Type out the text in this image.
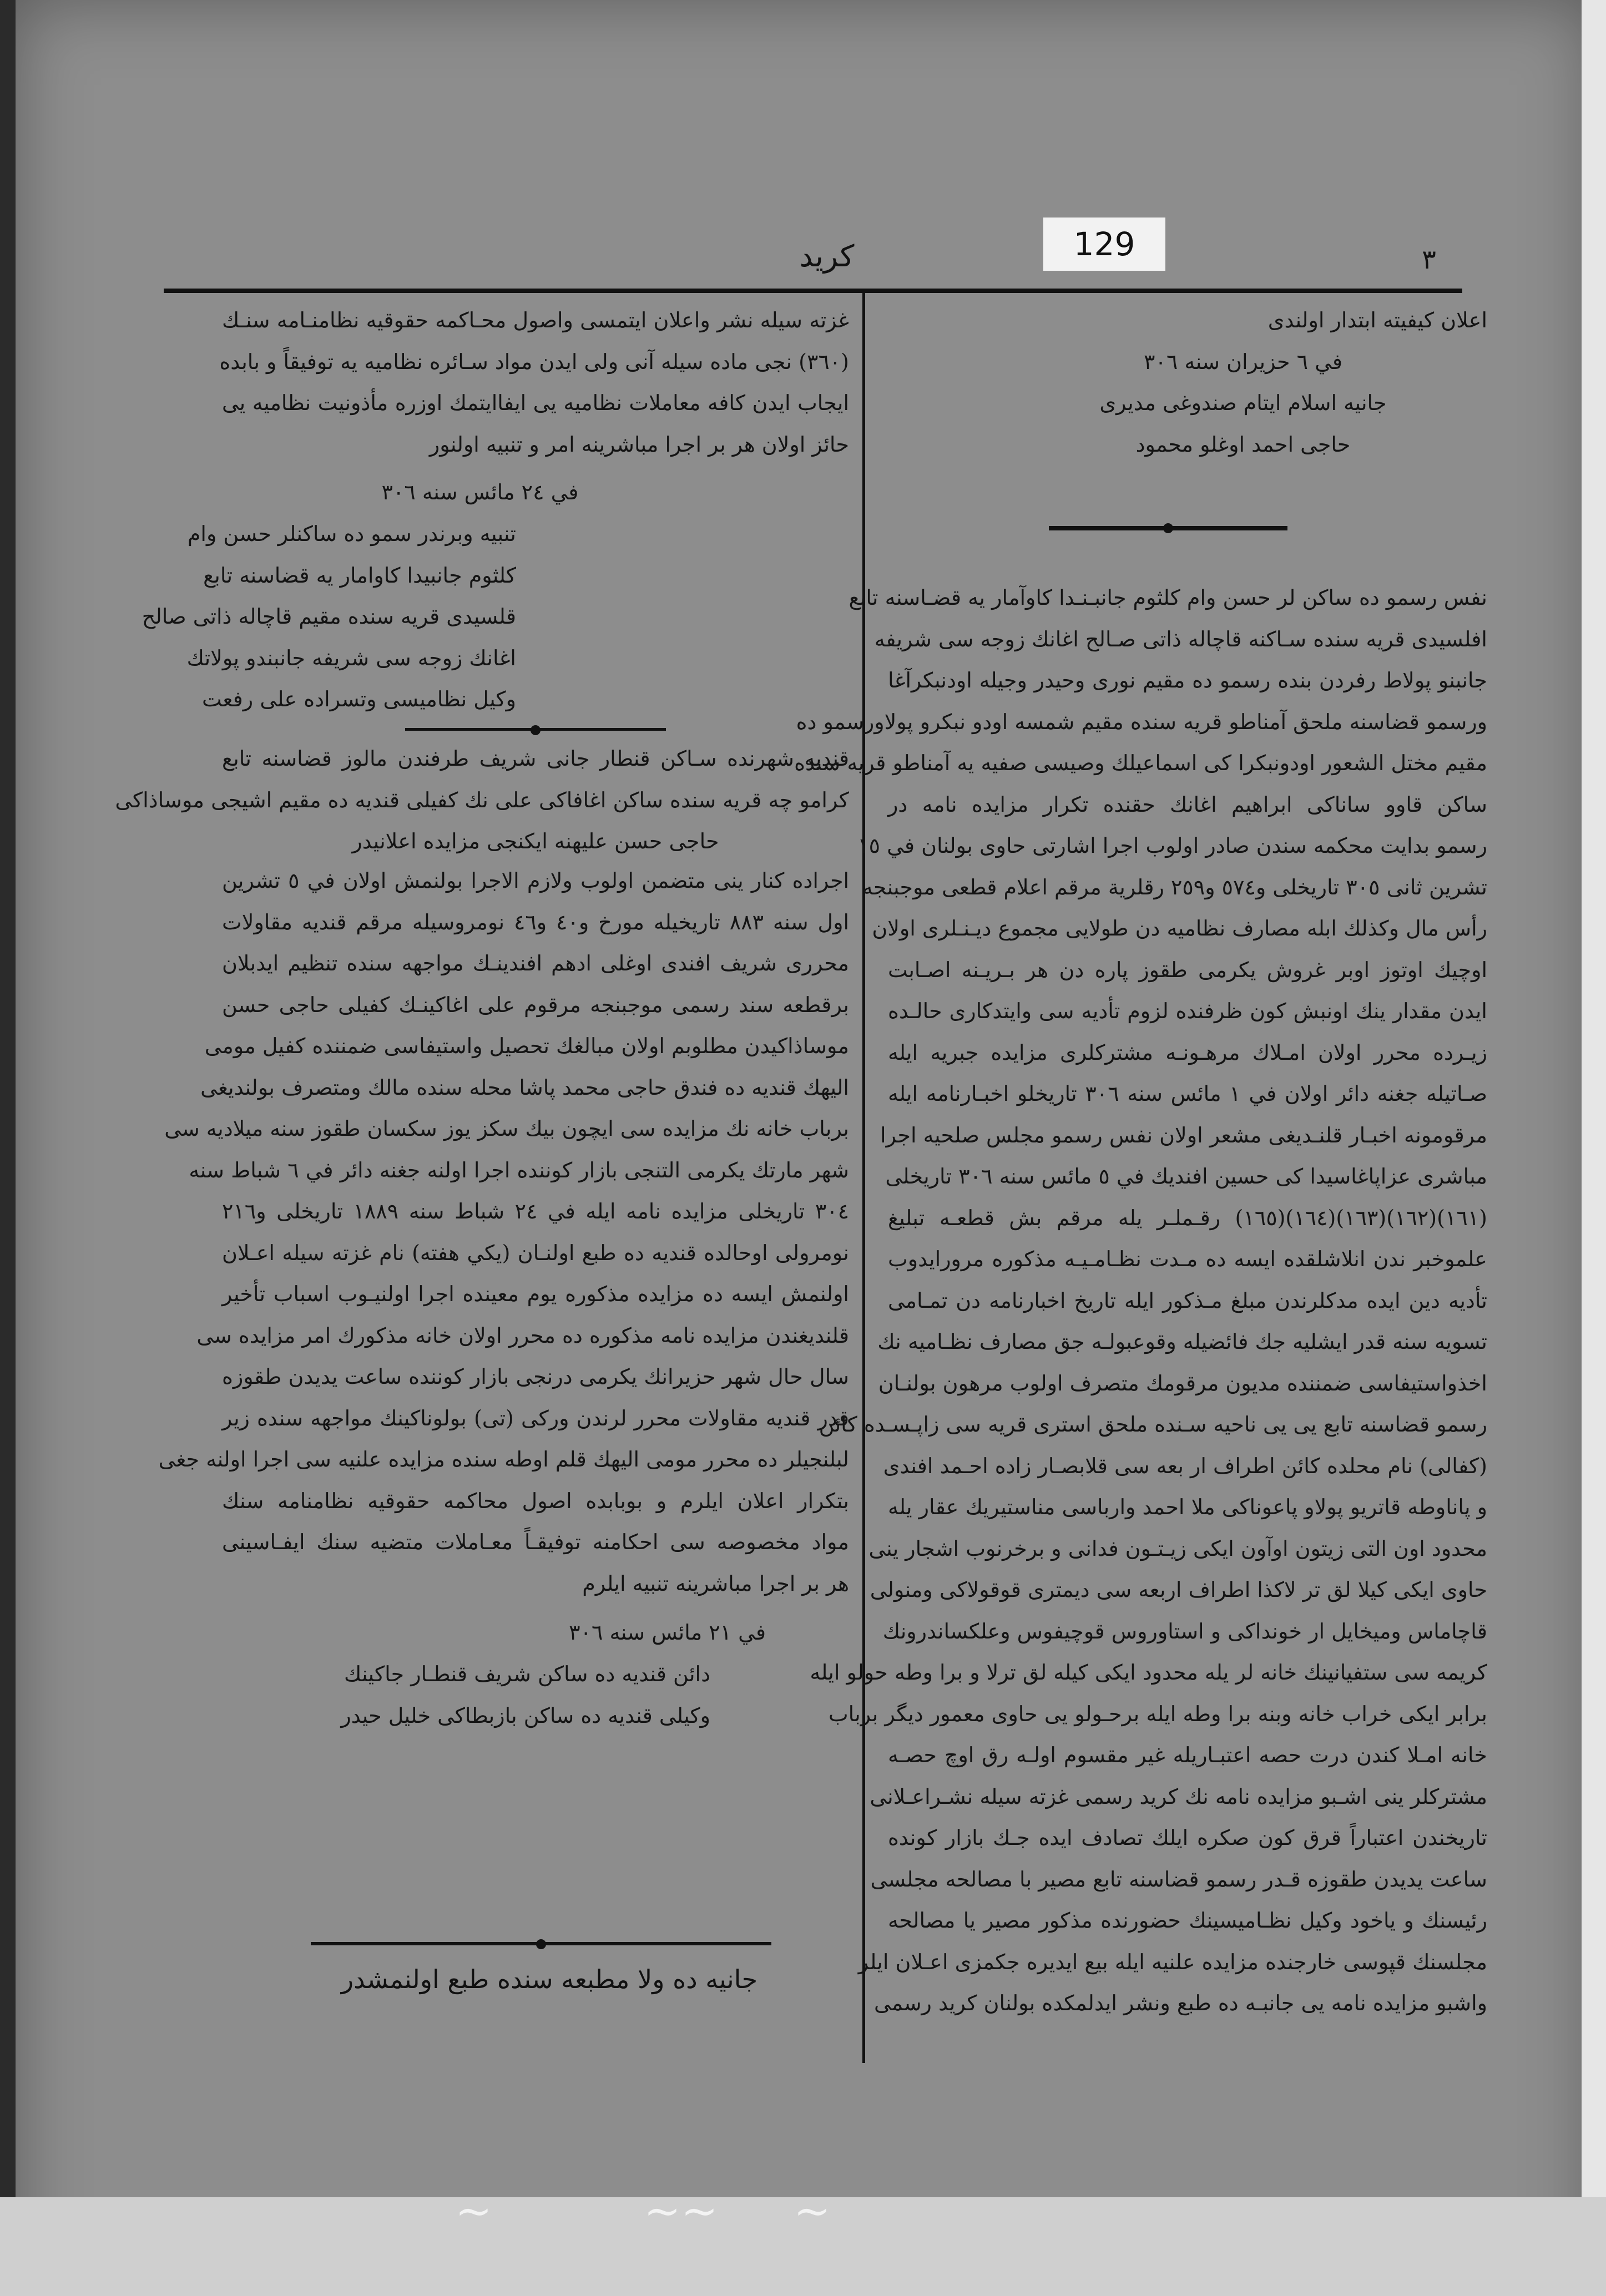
كريد	129	٣
اعلان كيفيته ابتدار اولندی
في ٦ حزيران سنه ٣٠٦
جانيه اسلام ايتام صندوغی مديری
حاجی احمد اوغلو محمود
نفس رسمو ده ساكن لر حسن وام كلثوم جانبـنـدا كاوآمار يه قضـاسنه تابع
افلسيدی قريه سنده سـاكنه قاچاله ذاتی صـالح اغانك زوجه سی شريفه
جانبنو پولاط رفردن بنده رسمو ده مقيم نوری وحيدر وجيله اودنبكرآغا
ورسمو قضاسنه ملحق آمناطو قريه سنده مقيم شمسه اودو نبكرو پولاورسمو ده
مقيم مختل الشعور اودونبكرا كی اسماعيلك وصيسی صفيه يه آمناطو قريه سنده
ساكن قاوو ساناكی ابراهيم اغانك حقنده تكرار مزايده نامه در
رسمو بدايت محكمه سندن صادر اولوب اجرا اشارتی حاوی بولنان في ١٥
تشرين ثانی ٣٠٥ تاريخلی و٥٧٤ و٢٥٩ رقلرية مرقم اعلام قطعی موجبنجه
رأس مال وكذلك ابله مصارف نظاميه دن طولايی مجموع ديـنـلری اولان
اوچيك اوتوز اوبر غروش يكرمی طقوز پاره دن هر بـريـنه اصـابت
ايدن مقدار ينك اونبش كون ظرفنده لزوم تأديه سی وايتدكاری حالـده
زيـرده محرر اولان امـلاك مرهـونـه مشتركلری مزايده جبريه ايله
صـاتيله جغنه دائر اولان في ١ مائس سنه ٣٠٦ تاريخلو اخبـارنامه ايله
مرقومونه اخبـار قلنـديغی مشعر اولان نفس رسمو مجلس صلحيه اجرا
مباشری عزاپاغاسيدا كی حسين افنديك في ٥ مائس سنه ٣٠٦ تاريخلی
(١٦١)(١٦٢)(١٦٣)(١٦٤)(١٦٥) رقـملـر يله مرقم بش قطعـه تبليغ
علموخبر ندن انلاشلقده ايسه ده مـدت نظـامـيـه مذكوره مرورايدوب
تأديه دين ايده مدكلرندن مبلغ مـذكور ايله تاريخ اخبارنامه دن تمـامی
تسويه سنه قدر ايشليه جك فائضيله وقوعبولـه جق مصارف نظـاميه نك
اخذواستيفاسی ضمننده مديون مرقومك متصرف اولوب مرهون بولنـان
رسمو قضاسنه تابع يی يی ناحيه سـنده ملحق استری قريه سی زاپـسـده كائن
(كفالی) نام محلده كائن اطراف ار بعه سی قلابصـار زاده احـمد افندی
و پاناوطه قاتريو پولاو پاعوناكی ملا احمد وارباسی مناستيريك عقار يله
محدود اون التی زيتون اوآون ايكی زيـتـون فدانی و برخرنوب اشجار ينی
حاوی ايكی كيلا لق تر لاكذا اطراف اربعه سی ديمتری قوقولاكی ومنولی
قاچاماس وميخايل ار خونداكی و استاوروس قوچيفوس وعلكساندرونك
كريمه سی ستفيانينك خانه لر يله محدود ايكی كيله لق ترلا و برا وطه حولو ايله
برابر ايكی خراب خانه وبنه برا وطه ايله برحـولو يی حاوی معمور ديگر برباب
خانه امـلا كندن درت حصه اعتبـاريله غير مقسوم اولـه رق اوچ حصـه
مشتركلر ينی اشـبو مزايده نامه نك كريد رسمی غزته سيله نشـراعـلانی
تاريخندن اعتباراً قرق كون صكره ايلك تصادف ايده جـك بازار كونده
ساعت يدیدن طقوزه قـدر رسمو قضاسنه تابع مصير با مصالحه مجلسی
رئيسنك و ياخود وكيل نظـاميسينك حضورنده مذكور مصير يا مصالحه
مجلسنك قپوسی خارجنده مزايده علنيه ايله بيع ايديره جكمزی اعـلان ايلر
واشبو مزايده نامه يی جانبـه ده طبع ونشر ايدلمكده بولنان كريد رسمی
غزته سيله نشر واعلان ايتمسی واصول محـاكمه حقوقيه نظامنـامه سنـك
(٣٦٠) نجی ماده سيله آنی ولی ايدن مواد سـائره نظاميه يه توفيقاً و بابده
ايجاب ايدن كافه معاملات نظاميه يی ايفاايتمك اوزره مأذونيت نظاميه يی
حائز اولان هر بر اجرا مباشرينه امر و تنبيه اولنور
في ٢٤ مائس سنه ٣٠٦
تنبيه وبرندر سمو ده ساكنلر حسن وام
كلثوم جانبيدا كاوامار يه قضاسنه تابع
قلسيدی قريه سنده مقيم قاچاله ذاتی صالح
اغانك زوجه سی شريفه جانبندو پولاتك
وكيل نظاميسی وتسراده علی رفعت
قنديه شهرنده سـاكن قنطار جانی شريف طرفندن مالوز قضاسنه تابع
كرامو چه قريه سنده ساكن اغافاكی علی نك كفيلی قنديه ده مقيم اشيجی موساذاكی
حاجی حسن عليهنه ايكنجی مزايده اعلانيدر
اجراده كنار ينی متضمن اولوب ولازم الاجرا بولنمش اولان في ٥ تشرين
اول سنه ٨٨٣ تاريخيله مورخ و٤٠ و٤٦ نومروسيله مرقم قنديه مقاولات
محرری شريف افندی اوغلی ادهم افندينـك مواجهه سنده تنظيم ايدبلان
برقطعه سند رسمی موجبنجه مرقوم علی اغاكينـك كفيلی حاجی حسن
موساذاكيدن مطلوبم اولان مبالغك تحصيل واستيفاسی ضمننده كفيل مومی
اليهك قنديه ده فندق حاجی محمد پاشا محله سنده مالك ومتصرف بولنديغی
برباب خانه نك مزايده سی ايچون بيك سكز يوز سكسان طقوز سنه ميلاديه سی
شهر مارتك يكرمی التنجی بازار كوننده اجرا اولنه جغنه دائر في ٦ شباط سنه
٣٠٤ تاريخلی مزايده نامه ايله في ٢٤ شباط سنه ١٨٨٩ تاريخلی و٢١٦
نومرولی اوحالده قنديه ده طبع اولنـان (يكي هفته) نام غزته سيله اعـلان
اولنمش ايسه ده مزايده مذكوره يوم معينده اجرا اولنيـوب اسباب تأخير
قلنديغندن مزايده نامه مذكوره ده محرر اولان خانه مذكورك امر مزايده سی
سال حال شهر حزيرانك يكرمی درنجی بازار كوننده ساعت يديدن طقوزه
قدر قنديه مقاولات محرر لرندن وركی (تی) بولوناكينك مواجهه سنده زير
لبلنجيلر ده محرر مومی اليهك قلم اوطه سنده مزايده علنيه سی اجرا اولنه جغی
بتكرار اعلان ايلرم و بوبابده اصول محاكمه حقوقيه نظامنامه سنك
مواد مخصوصه سی احكامنه توفيقـاً معـاملات متضيه سنك ايفـاسينی
هر بر اجرا مباشرينه تنبيه ايلرم
في ٢١ مائس سنه ٣٠٦
دائن قنديه ده ساكن شريف قنطـار جاكينك
وكيلی قنديه ده ساكن بازبطاكی خليل حيدر
جانيه ده ولا مطبعه سنده طبع اولنمشدر
~	~~	~
